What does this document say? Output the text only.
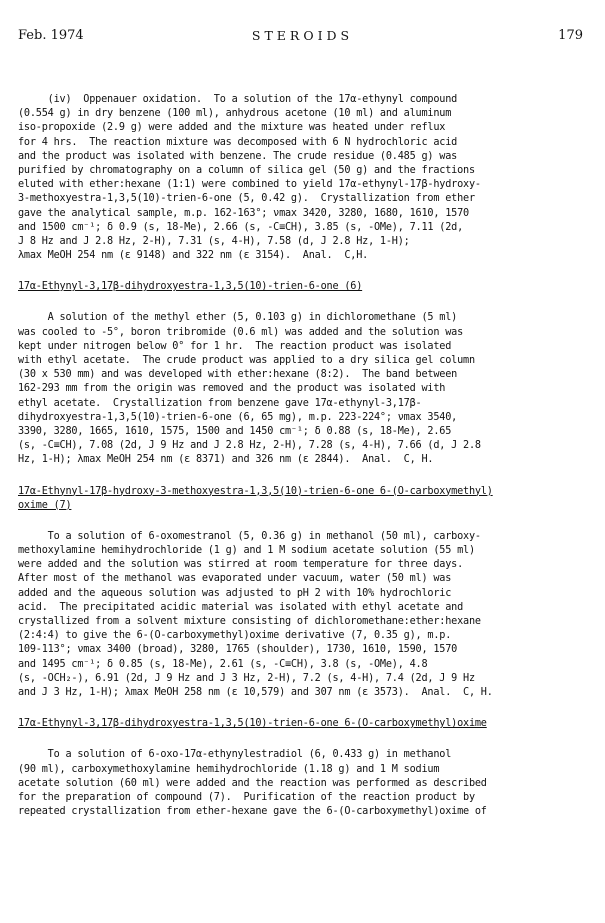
Feb. 1974	STEROIDS	179
(iv)  Oppenauer oxidation.  To a solution of the 17α-ethynyl compound
(0.554 g) in dry benzene (100 ml), anhydrous acetone (10 ml) and aluminum
iso-propoxide (2.9 g) were added and the mixture was heated under reflux
for 4 hrs.  The reaction mixture was decomposed with 6 N hydrochloric acid
and the product was isolated with benzene. The crude residue (0.485 g) was
purified by chromatography on a column of silica gel (50 g) and the fractions
eluted with ether:hexane (1:1) were combined to yield 17α-ethynyl-17β-hydroxy-
3-methoxyestra-1,3,5(10)-trien-6-one (5, 0.42 g).  Crystallization from ether
gave the analytical sample, m.p. 162-163°; νmax 3420, 3280, 1680, 1610, 1570
and 1500 cm⁻¹; δ 0.9 (s, 18-Me), 2.66 (s, -C≡CH), 3.85 (s, -OMe), 7.11 (2d,
J 8 Hz and J 2.8 Hz, 2-H), 7.31 (s, 4-H), 7.58 (d, J 2.8 Hz, 1-H);
λmax MeOH 254 nm (ε 9148) and 322 nm (ε 3154).  Anal.  C,H.
17α-Ethynyl-3,17β-dihydroxyestra-1,3,5(10)-trien-6-one (6)
A solution of the methyl ether (5, 0.103 g) in dichloromethane (5 ml)
was cooled to -5°, boron tribromide (0.6 ml) was added and the solution was
kept under nitrogen below 0° for 1 hr.  The reaction product was isolated
with ethyl acetate.  The crude product was applied to a dry silica gel column
(30 x 530 mm) and was developed with ether:hexane (8:2).  The band between
162-293 mm from the origin was removed and the product was isolated with
ethyl acetate.  Crystallization from benzene gave 17α-ethynyl-3,17β-
dihydroxyestra-1,3,5(10)-trien-6-one (6, 65 mg), m.p. 223-224°; νmax 3540,
3390, 3280, 1665, 1610, 1575, 1500 and 1450 cm⁻¹; δ 0.88 (s, 18-Me), 2.65
(s, -C≡CH), 7.08 (2d, J 9 Hz and J 2.8 Hz, 2-H), 7.28 (s, 4-H), 7.66 (d, J 2.8
Hz, 1-H); λmax MeOH 254 nm (ε 8371) and 326 nm (ε 2844).  Anal.  C, H.
17α-Ethynyl-17β-hydroxy-3-methoxyestra-1,3,5(10)-trien-6-one 6-(O-carboxymethyl)
oxime (7)
To a solution of 6-oxomestranol (5, 0.36 g) in methanol (50 ml), carboxy-
methoxylamine hemihydrochloride (1 g) and 1 M sodium acetate solution (55 ml)
were added and the solution was stirred at room temperature for three days.
After most of the methanol was evaporated under vacuum, water (50 ml) was
added and the aqueous solution was adjusted to pH 2 with 10% hydrochloric
acid.  The precipitated acidic material was isolated with ethyl acetate and
crystallized from a solvent mixture consisting of dichloromethane:ether:hexane
(2:4:4) to give the 6-(O-carboxymethyl)oxime derivative (7, 0.35 g), m.p.
109-113°; νmax 3400 (broad), 3280, 1765 (shoulder), 1730, 1610, 1590, 1570
and 1495 cm⁻¹; δ 0.85 (s, 18-Me), 2.61 (s, -C≡CH), 3.8 (s, -OMe), 4.8
(s, -OCH₂-), 6.91 (2d, J 9 Hz and J 3 Hz, 2-H), 7.2 (s, 4-H), 7.4 (2d, J 9 Hz
and J 3 Hz, 1-H); λmax MeOH 258 nm (ε 10,579) and 307 nm (ε 3573).  Anal.  C, H.
17α-Ethynyl-3,17β-dihydroxyestra-1,3,5(10)-trien-6-one 6-(O-carboxymethyl)oxime
To a solution of 6-oxo-17α-ethynylestradiol (6, 0.433 g) in methanol
(90 ml), carboxymethoxylamine hemihydrochloride (1.18 g) and 1 M sodium
acetate solution (60 ml) were added and the reaction was performed as described
for the preparation of compound (7).  Purification of the reaction product by
repeated crystallization from ether-hexane gave the 6-(O-carboxymethyl)oxime of
